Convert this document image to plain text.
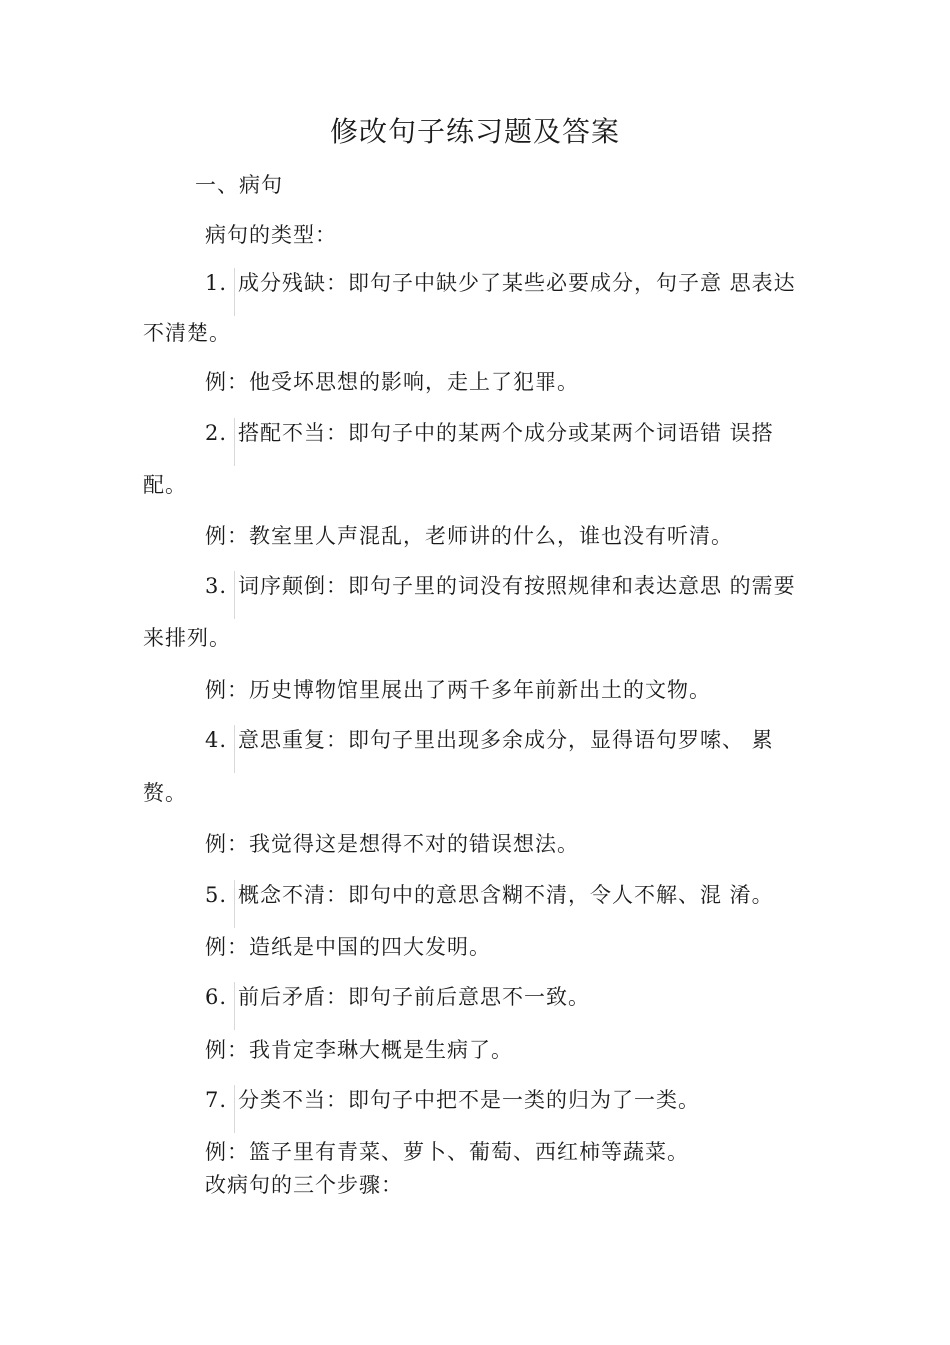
修改句子练习题及答案
一、病句
病句的类型：
1. 成分残缺：即句子中缺少了某些必要成分，句子意 思表达
不清楚。
例：他受坏思想的影响，走上了犯罪。
2. 搭配不当：即句子中的某两个成分或某两个词语错 误搭
配。
例：教室里人声混乱，老师讲的什么，谁也没有听清。
3. 词序颠倒：即句子里的词没有按照规律和表达意思 的需要
来排列。
例：历史博物馆里展出了两千多年前新出土的文物。
4. 意思重复：即句子里出现多余成分，显得语句罗嗦、 累
赘。
例：我觉得这是想得不对的错误想法。
5. 概念不清：即句中的意思含糊不清，令人不解、混 淆。
例：造纸是中国的四大发明。
6. 前后矛盾：即句子前后意思不一致。
例：我肯定李琳大概是生病了。
7. 分类不当：即句子中把不是一类的归为了一类。
例：篮子里有青菜、萝卜、葡萄、西红柿等蔬菜。
改病句的三个步骤：
